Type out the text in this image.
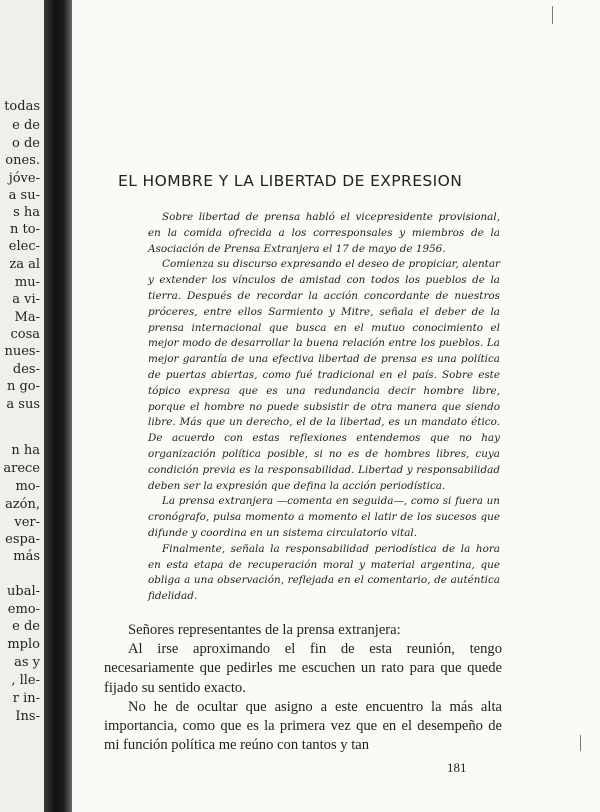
todas
e de
o de
ones.
jóve-
a su-
s ha
n to-
elec-
za al
mu-
a vi-
Ma-
cosa
nues-
des-
n go-
a sus
n ha
arece
mo-
azón,
ver-
espa-
más
ubal-
emo-
e de
mplo
as y
, lle-
r in-
Ins-
EL HOMBRE Y LA LIBERTAD DE EXPRESION

Sobre libertad de prensa habló el vicepresidente provisional, en la comida ofrecida a los corresponsales y miembros de la Asociación de Prensa Extranjera el 17 de mayo de 1956.

Comienza su discurso expresando el deseo de propiciar, alentar y extender los vínculos de amistad con todos los pueblos de la tierra. Después de recordar la acción concordante de nuestros próceres, entre ellos Sarmiento y Mitre, señala el deber de la prensa internacional que busca en el mutuo conocimiento el mejor modo de desarrollar la buena relación entre los pueblos. La mejor garantía de una efectiva libertad de prensa es una política de puertas abiertas, como fué tradicional en el país. Sobre este tópico expresa que es una redundancia decir hombre libre, porque el hombre no puede subsistir de otra manera que siendo libre. Más que un derecho, el de la libertad, es un mandato ético. De acuerdo con estas reflexiones entendemos que no hay organización política posible, si no es de hombres libres, cuya condición previa es la responsabilidad. Libertad y responsabilidad deben ser la expresión que defina la acción periodística.

La prensa extranjera —comenta en seguida—, como si fuera un cronógrafo, pulsa momento a momento el latir de los sucesos que difunde y coordina en un sistema circulatorio vital.

Finalmente, señala la responsabilidad periodística de la hora en esta etapa de recuperación moral y material argentina, que obliga a una observación, reflejada en el comentario, de auténtica fidelidad.

Señores representantes de la prensa extranjera:

Al irse aproximando el fin de esta reunión, tengo necesariamente que pedirles me escuchen un rato para que quede fijado su sentido exacto.

No he de ocultar que asigno a este encuentro la más alta importancia, como que es la primera vez que en el desempeño de mi función política me reúno con tantos y tan

181
